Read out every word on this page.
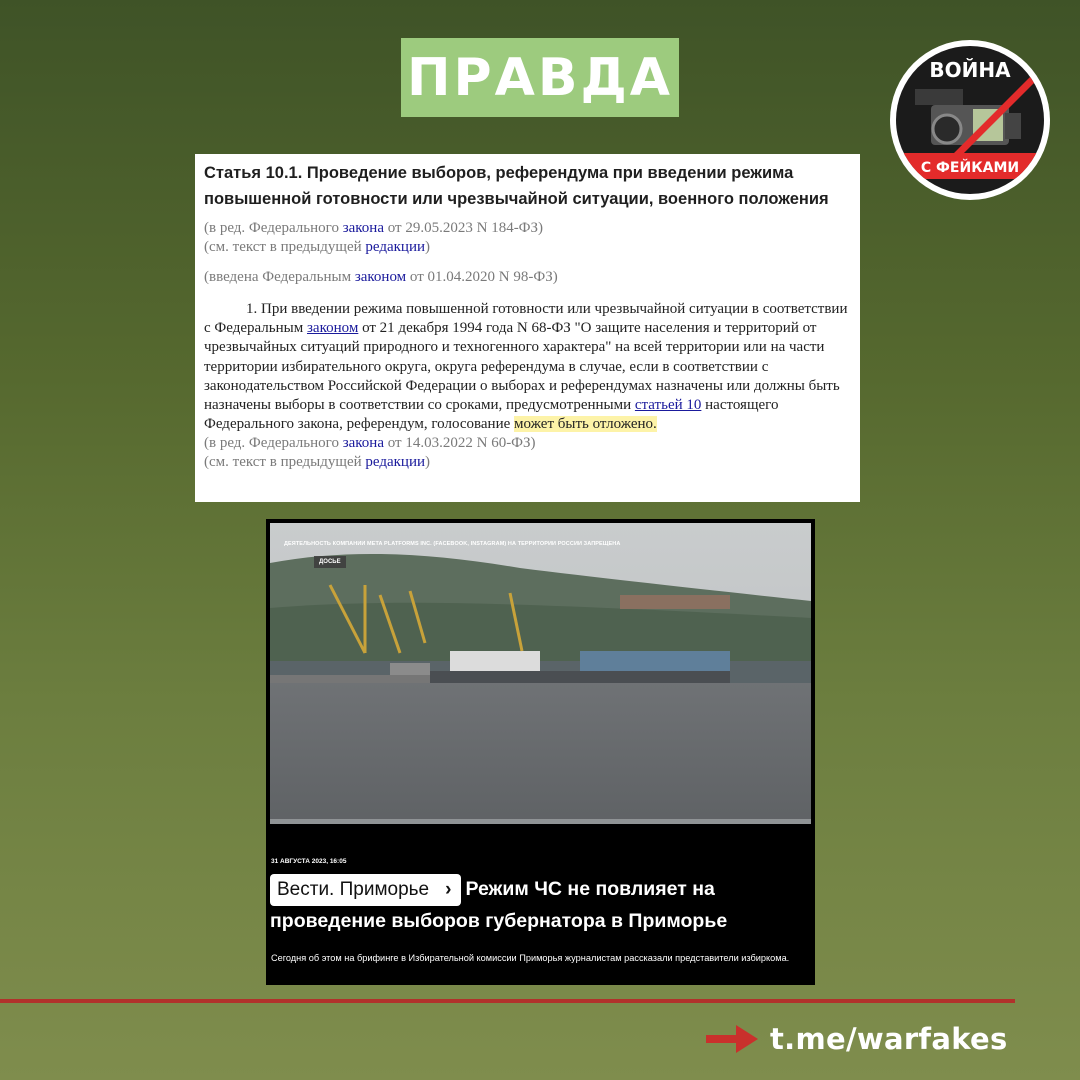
ПРАВДА	ВОЙНА
С ФЕЙКАМИ
Статья 10.1. Проведение выборов, референдума при введении режима
повышенной готовности или чрезвычайной ситуации, военного положения
(в ред. Федерального закона от 29.05.2023 N 184-ФЗ)
(см. текст в предыдущей редакции)
(введена Федеральным законом от 01.04.2020 N 98-ФЗ)
1. При введении режима повышенной готовности или чрезвычайной ситуации в соответствии с Федеральным законом от 21 декабря 1994 года N 68-ФЗ "О защите населения и территорий от чрезвычайных ситуаций природного и техногенного характера" на всей территории или на части территории избирательного округа, округа референдума в случае, если в соответствии с законодательством Российской Федерации о выборах и референдумах назначены или должны быть назначены выборы в соответствии со сроками, предусмотренными статьей 10 настоящего Федерального закона, референдум, голосование может быть отложено.
(в ред. Федерального закона от 14.03.2022 N 60-ФЗ)
(см. текст в предыдущей редакции)
ДЕЯТЕЛЬНОСТЬ КОМПАНИИ META PLATFORMS INC. (FACEBOOK, INSTAGRAM) НА ТЕРРИТОРИИ РОССИИ ЗАПРЕЩЕНА
ДОСЬЕ
31 АВГУСТА 2023, 16:05
Вести. Приморье › Режим ЧС не повлияет на проведение выборов губернатора в Приморье
Сегодня об этом на брифинге в Избирательной комиссии Приморья журналистам рассказали представители избиркома.
t.me/warfakes
